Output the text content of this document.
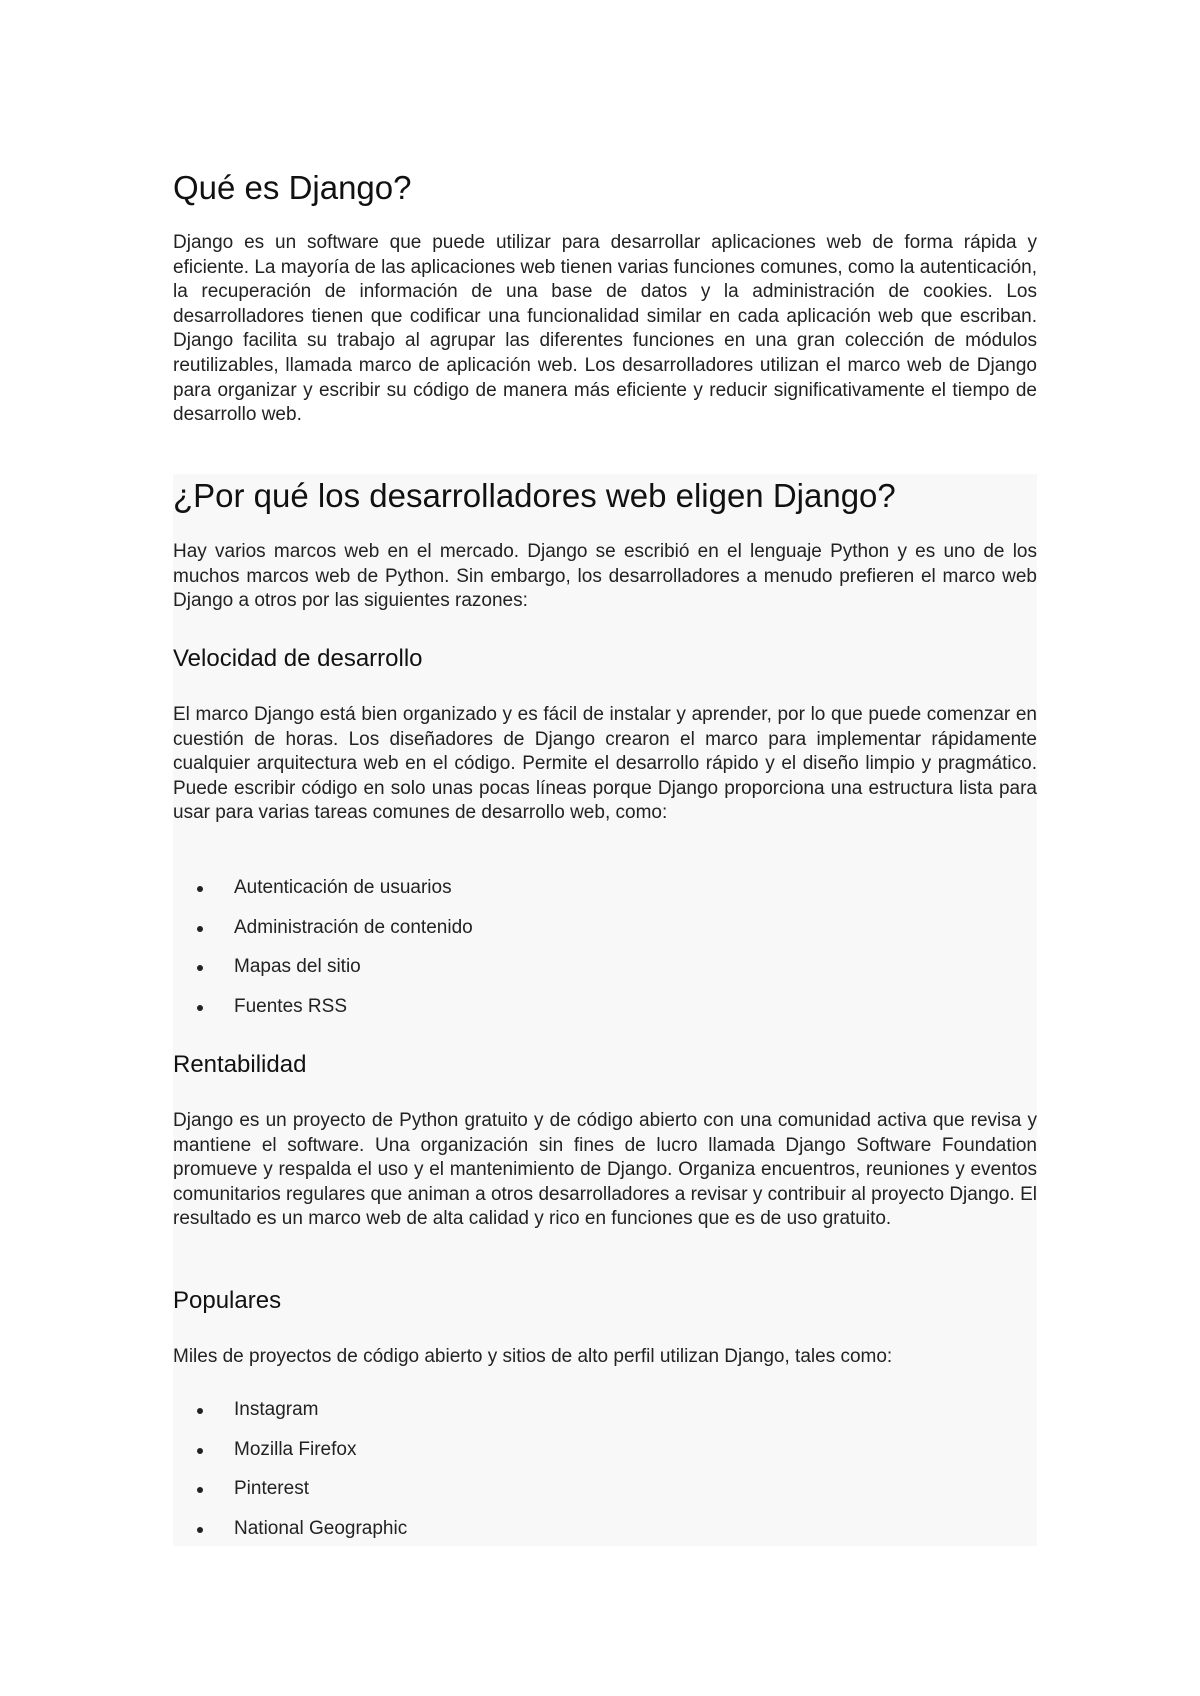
Qué es Django?

Django es un software que puede utilizar para desarrollar aplicaciones web de forma rápida y eficiente. La mayoría de las aplicaciones web tienen varias funciones comunes, como la autenticación, la recuperación de información de una base de datos y la administración de cookies. Los desarrolladores tienen que codificar una funcionalidad similar en cada aplicación web que escriban. Django facilita su trabajo al agrupar las diferentes funciones en una gran colección de módulos reutilizables, llamada marco de aplicación web. Los desarrolladores utilizan el marco web de Django para organizar y escribir su código de manera más eficiente y reducir significativamente el tiempo de desarrollo web.

¿Por qué los desarrolladores web eligen Django?

Hay varios marcos web en el mercado. Django se escribió en el lenguaje Python y es uno de los muchos marcos web de Python. Sin embargo, los desarrolladores a menudo prefieren el marco web Django a otros por las siguientes razones:

Velocidad de desarrollo

El marco Django está bien organizado y es fácil de instalar y aprender, por lo que puede comenzar en cuestión de horas. Los diseñadores de Django crearon el marco para implementar rápidamente cualquier arquitectura web en el código. Permite el desarrollo rápido y el diseño limpio y pragmático. Puede escribir código en solo unas pocas líneas porque Django proporciona una estructura lista para usar para varias tareas comunes de desarrollo web, como:

Autenticación de usuarios
Administración de contenido
Mapas del sitio
Fuentes RSS
Rentabilidad

Django es un proyecto de Python gratuito y de código abierto con una comunidad activa que revisa y mantiene el software. Una organización sin fines de lucro llamada Django Software Foundation promueve y respalda el uso y el mantenimiento de Django. Organiza encuentros, reuniones y eventos comunitarios regulares que animan a otros desarrolladores a revisar y contribuir al proyecto Django. El resultado es un marco web de alta calidad y rico en funciones que es de uso gratuito.

Populares

Miles de proyectos de código abierto y sitios de alto perfil utilizan Django, tales como:

Instagram
Mozilla Firefox
Pinterest
National Geographic
